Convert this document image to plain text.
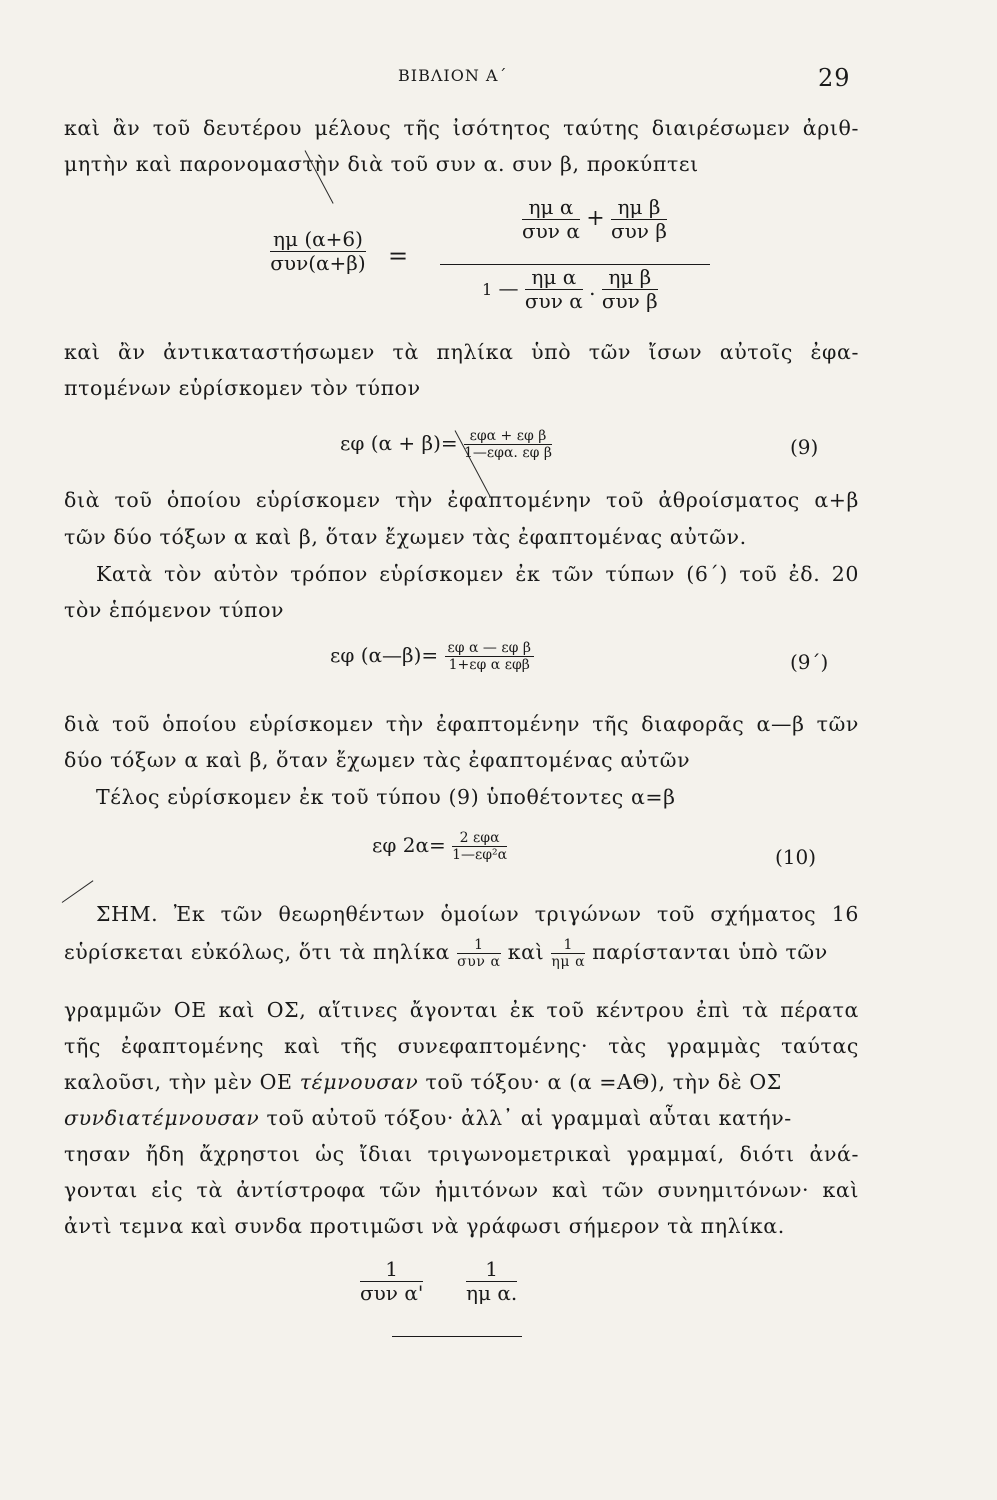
ΒΙΒΛΙΟΝ Α΄	29
καὶ ἂν τοῦ δευτέρου μέλους τῆς ἰσότητος ταύτης διαιρέσωμεν ἀριθ-
μητὴν καὶ παρονομαστὴν διὰ τοῦ συν α. συν β, προκύπτει
$\frac{\eta\mu (\alpha+6)}{\text{συν(α+β)}}$ =
$\frac{\text{ημ α}}{\text{συν α}} + \frac{\text{ημ β}}{\text{συν β}}$
1 — $\frac{\text{ημ α}}{\text{συν α}}$ . $\frac{\text{ημ β}}{\text{συν β}}$
καὶ ἂν ἀντικαταστήσωμεν τὰ πηλίκα ὑπὸ τῶν ἴσων αὐτοῖς ἐφα-
πτομένων εὑρίσκομεν τὸν τύπον
εφ $(\alpha + \beta)= \frac{\text{εφα + εφ β}}{\text{1—εφα. εφ β}}$	(9)
διὰ τοῦ ὁποίου εὑρίσκομεν τὴν ἐφαπτομένην τοῦ ἀθροίσματος α+β
τῶν δύο τόξων α καὶ β, ὅταν ἔχωμεν τὰς ἐφαπτομένας αὐτῶν.
Κατὰ τὸν αὐτὸν τρόπον εὑρίσκομεν ἐκ τῶν τύπων (6΄) τοῦ ἐδ. 20
τὸν ἑπόμενον τύπον
εφ (α—β)= $\frac{\text{εφ α — εφ β}}{\text{1+εφ α εφβ}}$	(9΄)
διὰ τοῦ ὁποίου εὑρίσκομεν τὴν ἐφαπτομένην τῆς διαφορᾶς α—β τῶν
δύο τόξων α καὶ β, ὅταν ἔχωμεν τὰς ἐφαπτομένας αὐτῶν
Τέλος εὑρίσκομεν ἐκ τοῦ τύπου (9) ὑποθέτοντες α=β
εφ $2\alpha= \frac{\text{2 εφα}}{\text{1—εφ²α}}$	(10)
ΣΗΜ. Ἐκ τῶν θεωρηθέντων ὁμοίων τριγώνων τοῦ σχήματος 16
εὑρίσκεται εὐκόλως, ὅτι τὰ πηλίκα $\frac{1}{\text{συν α}}$ καὶ $\frac{1}{\text{ημ α}}$ παρίστανται ὑπὸ τῶν
γραμμῶν ΟΕ καὶ ΟΣ, αἵτινες ἄγονται ἐκ τοῦ κέντρου ἐπὶ τὰ πέρατα
τῆς ἐφαπτομένης καὶ τῆς συνεφαπτομένης· τὰς γραμμὰς ταύτας
καλοῦσι, τὴν μὲν ΟΕ τέμνουσαν τοῦ τόξου· α (α =ΑΘ), τὴν δὲ ΟΣ
συνδιατέμνουσαν τοῦ αὐτοῦ τόξου· ἀλλ᾽ αἱ γραμμαὶ αὗται κατήν-
τησαν ἤδη ἄχρηστοι ὡς ἴδιαι τριγωνομετρικαὶ γραμμαί, διότι ἀνά-
γονται εἰς τὰ ἀντίστροφα τῶν ἡμιτόνων καὶ τῶν συνημιτόνων· καὶ
ἀντὶ τεμνα καὶ συνδα προτιμῶσι νὰ γράφωσι σήμερον τὰ πηλίκα.
$\frac{1}{\text{συν α'}} \frac{1}{\text{ημ α.}}$
